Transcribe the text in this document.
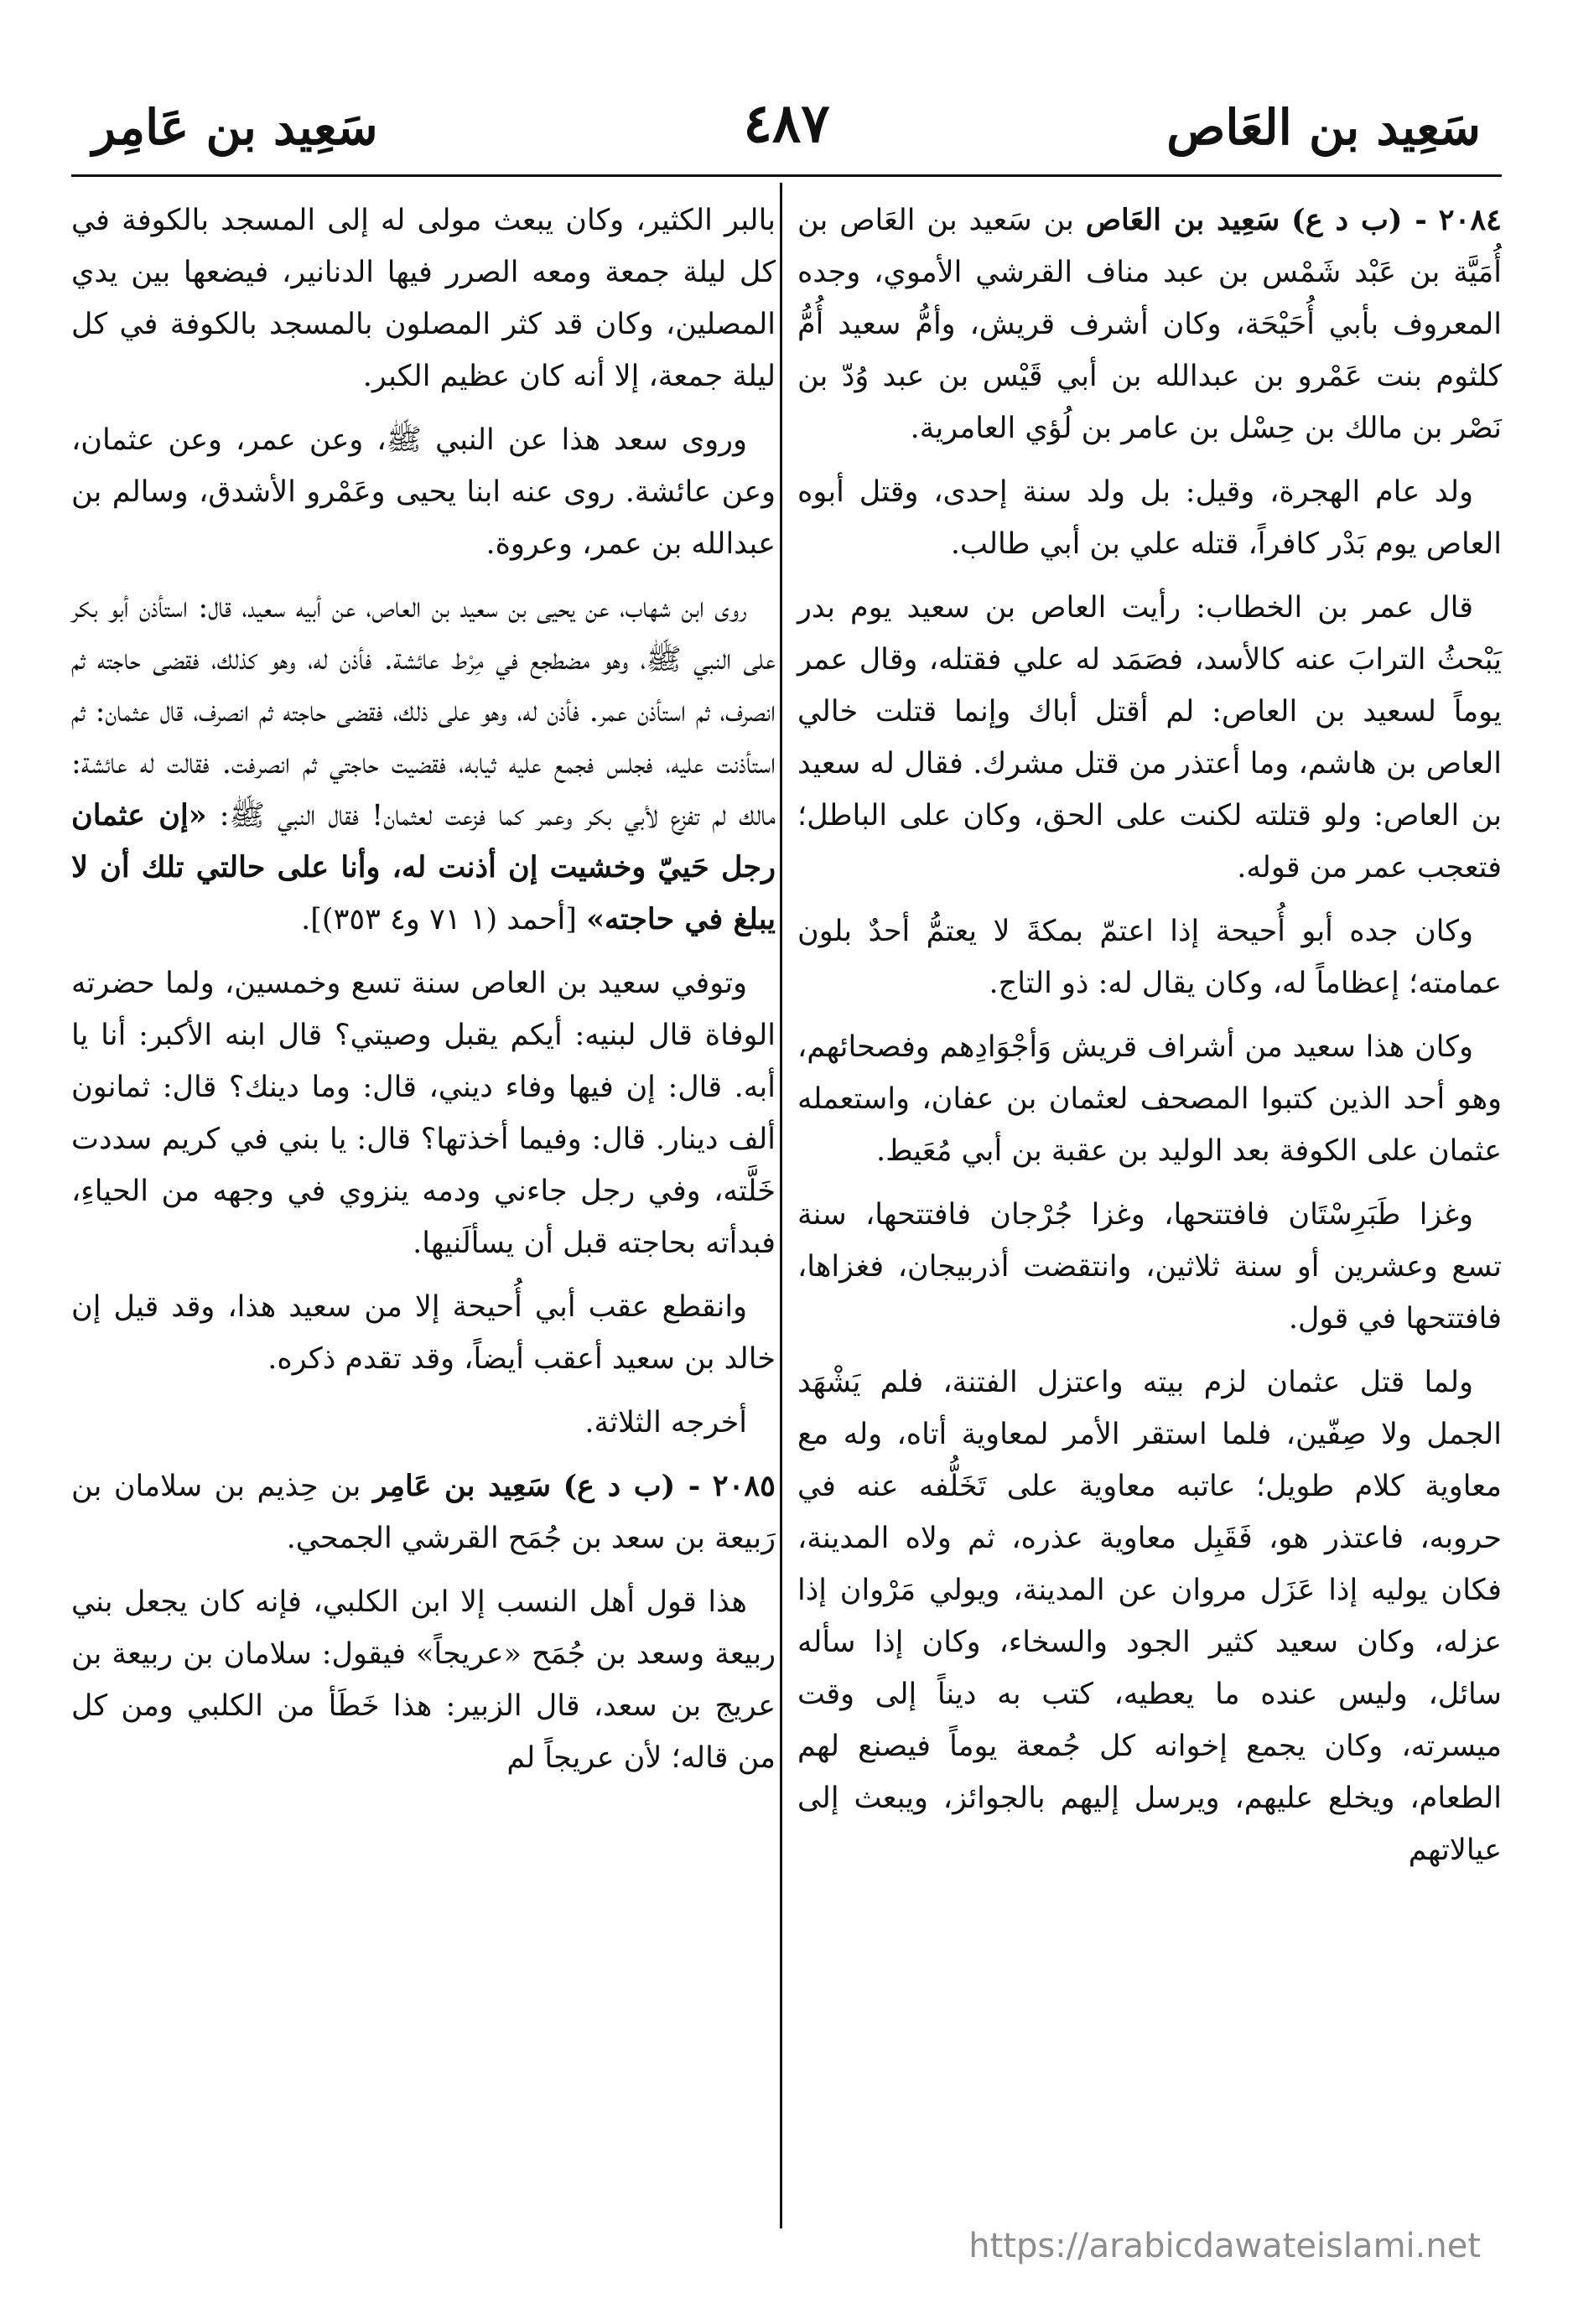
سَعِيد بن العَاص
٤٨٧
سَعِيد بن عَامِر

٢٠٨٤ - (ب د ع) سَعِيد بن العَاص بن سَعيد بن العَاص بن أُمَيَّة بن عَبْد شَمْس بن عبد مناف القرشي الأموي، وجده المعروف بأبي أُحَيْحَة، وكان أشرف قريش، وأمُّ سعيد أُمُّ كلثوم بنت عَمْرو بن عبدالله بن أبي قَيْس بن عبد وُدّ بن نَصْر بن مالك بن حِسْل بن عامر بن لُؤي العامرية.

ولد عام الهجرة، وقيل: بل ولد سنة إحدى، وقتل أبوه العاص يوم بَدْر كافراً، قتله علي بن أبي طالب.

قال عمر بن الخطاب: رأيت العاص بن سعيد يوم بدر يَبْحثُ الترابَ عنه كالأسد، فصَمَد له علي فقتله، وقال عمر يوماً لسعيد بن العاص: لم أقتل أباك وإنما قتلت خالي العاص بن هاشم، وما أعتذر من قتل مشرك. فقال له سعيد بن العاص: ولو قتلته لكنت على الحق، وكان على الباطل؛ فتعجب عمر من قوله.

وكان جده أبو أُحيحة إذا اعتمّ بمكةَ لا يعتمُّ أحدٌ بلون عمامته؛ إعظاماً له، وكان يقال له: ذو التاج.

وكان هذا سعيد من أشراف قريش وَأجْوَادِهم وفصحائهم، وهو أحد الذين كتبوا المصحف لعثمان بن عفان، واستعمله عثمان على الكوفة بعد الوليد بن عقبة بن أبي مُعَيط.

وغزا طَبَرِسْتَان فافتتحها، وغزا جُرْجان فافتتحها، سنة تسع وعشرين أو سنة ثلاثين، وانتقضت أذربيجان، فغزاها، فافتتحها في قول.

ولما قتل عثمان لزم بيته واعتزل الفتنة، فلم يَشْهَد الجمل ولا صِفّين، فلما استقر الأمر لمعاوية أتاه، وله مع معاوية كلام طويل؛ عاتبه معاوية على تَخَلُّفه عنه في حروبه، فاعتذر هو، فَقَبِل معاوية عذره، ثم ولاه المدينة، فكان يوليه إذا عَزَل مروان عن المدينة، ويولي مَرْوان إذا عزله، وكان سعيد كثير الجود والسخاء، وكان إذا سأله سائل، وليس عنده ما يعطيه، كتب به ديناً إلى وقت ميسرته، وكان يجمع إخوانه كل جُمعة يوماً فيصنع لهم الطعام، ويخلع عليهم، ويرسل إليهم بالجوائز، ويبعث إلى عيالاتهم

بالبر الكثير، وكان يبعث مولى له إلى المسجد بالكوفة في كل ليلة جمعة ومعه الصرر فيها الدنانير، فيضعها بين يدي المصلين، وكان قد كثر المصلون بالمسجد بالكوفة في كل ليلة جمعة، إلا أنه كان عظيم الكبر.

وروى سعد هذا عن النبي ﷺ، وعن عمر، وعن عثمان، وعن عائشة. روى عنه ابنا يحيى وعَمْرو الأشدق، وسالم بن عبدالله بن عمر، وعروة.

روى ابن شهاب، عن يحيى بن سعيد بن العاص، عن أبيه سعيد، قال: استأذن أبو بكر على النبي ﷺ، وهو مضطجع في مِرْط عائشة. فأذن له، وهو كذلك، فقضى حاجته ثم انصرف، ثم استأذن عمر. فأذن له، وهو على ذلك، فقضى حاجته ثم انصرف، قال عثمان: ثم استأذنت عليه، فجلس فجمع عليه ثيابه، فقضيت حاجتي ثم انصرفت. فقالت له عائشة: مالك لم تفزع لأبي بكر وعمر كما فزعت لعثمان! فقال النبي ﷺ: «إن عثمان رجل حَييّ وخشيت إن أذنت له، وأنا على حالتي تلك أن لا يبلغ في حاجته» [أحمد (١ ٧١ و٤ ٣٥٣)].

وتوفي سعيد بن العاص سنة تسع وخمسين، ولما حضرته الوفاة قال لبنيه: أيكم يقبل وصيتي؟ قال ابنه الأكبر: أنا يا أبه. قال: إن فيها وفاء ديني، قال: وما دينك؟ قال: ثمانون ألف دينار. قال: وفيما أخذتها؟ قال: يا بني في كريم سددت خَلَّته، وفي رجل جاءني ودمه ينزوي في وجهه من الحياءِ، فبدأته بحاجته قبل أن يسألَنيها.

وانقطع عقب أبي أُحيحة إلا من سعيد هذا، وقد قيل إن خالد بن سعيد أعقب أيضاً، وقد تقدم ذكره.

أخرجه الثلاثة.

٢٠٨٥ - (ب د ع) سَعِيد بن عَامِر بن حِذيم بن سلامان بن رَبيعة بن سعد بن جُمَح القرشي الجمحي.

هذا قول أهل النسب إلا ابن الكلبي، فإنه كان يجعل بني ربيعة وسعد بن جُمَح «عريجاً» فيقول: سلامان بن ربيعة بن عريج بن سعد، قال الزبير: هذا خَطَأ من الكلبي ومن كل من قاله؛ لأن عريجاً لم

https://arabicdawateislami.net
